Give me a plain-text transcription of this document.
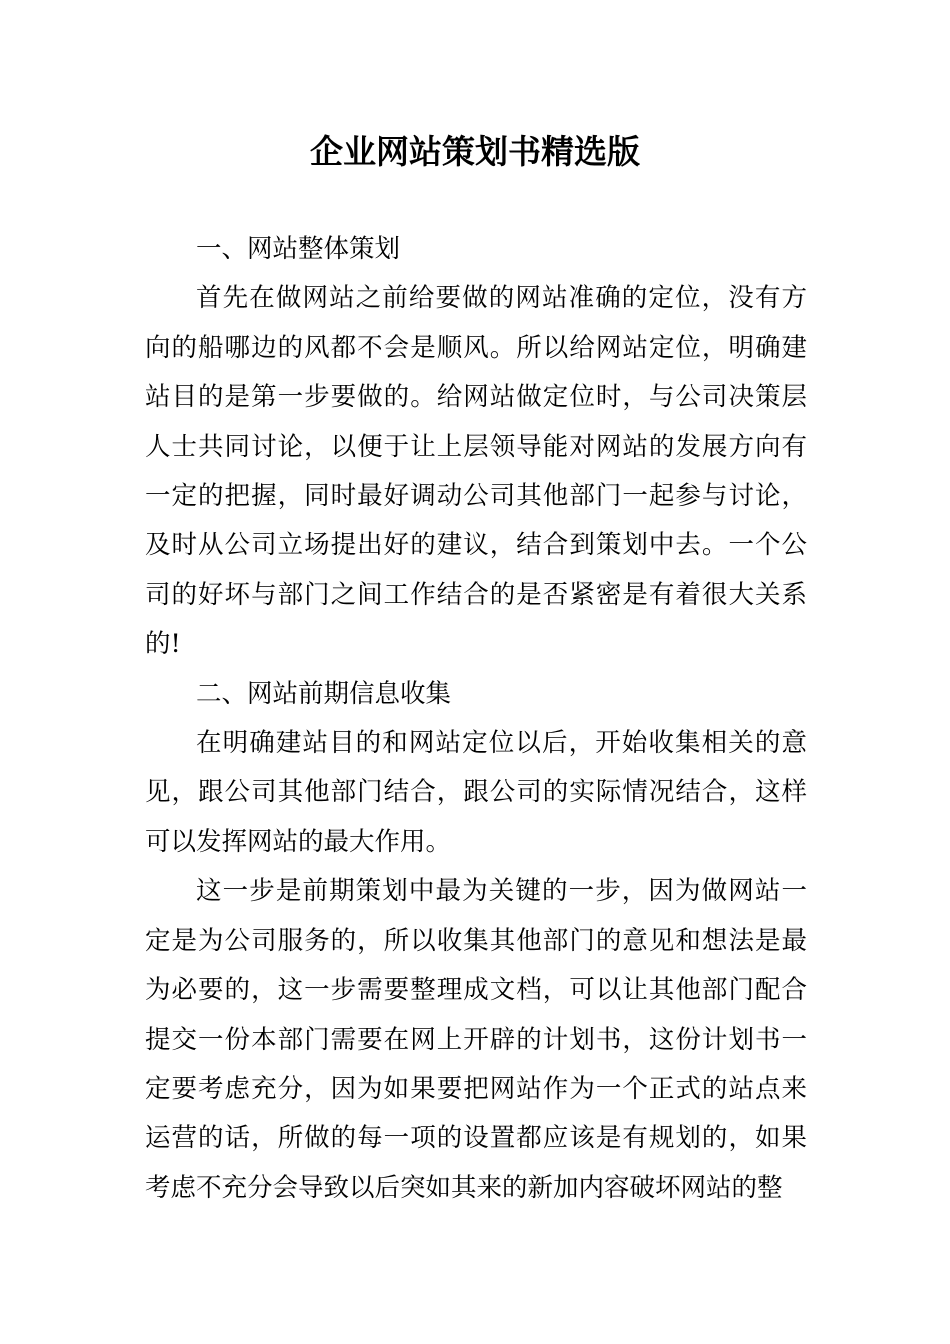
企业网站策划书精选版

一、网站整体策划

首先在做网站之前给要做的网站准确的定位，没有方向的船哪边的风都不会是顺风。所以给网站定位，明确建站目的是第一步要做的。给网站做定位时，与公司决策层人士共同讨论，以便于让上层领导能对网站的发展方向有一定的把握，同时最好调动公司其他部门一起参与讨论，及时从公司立场提出好的建议，结合到策划中去。一个公司的好坏与部门之间工作结合的是否紧密是有着很大关系的!

二、网站前期信息收集

在明确建站目的和网站定位以后，开始收集相关的意见，跟公司其他部门结合，跟公司的实际情况结合，这样可以发挥网站的最大作用。

这一步是前期策划中最为关键的一步，因为做网站一定是为公司服务的，所以收集其他部门的意见和想法是最为必要的，这一步需要整理成文档，可以让其他部门配合提交一份本部门需要在网上开辟的计划书，这份计划书一定要考虑充分，因为如果要把网站作为一个正式的站点来运营的话，所做的每一项的设置都应该是有规划的，如果考虑不充分会导致以后突如其来的新加内容破坏网站的整
